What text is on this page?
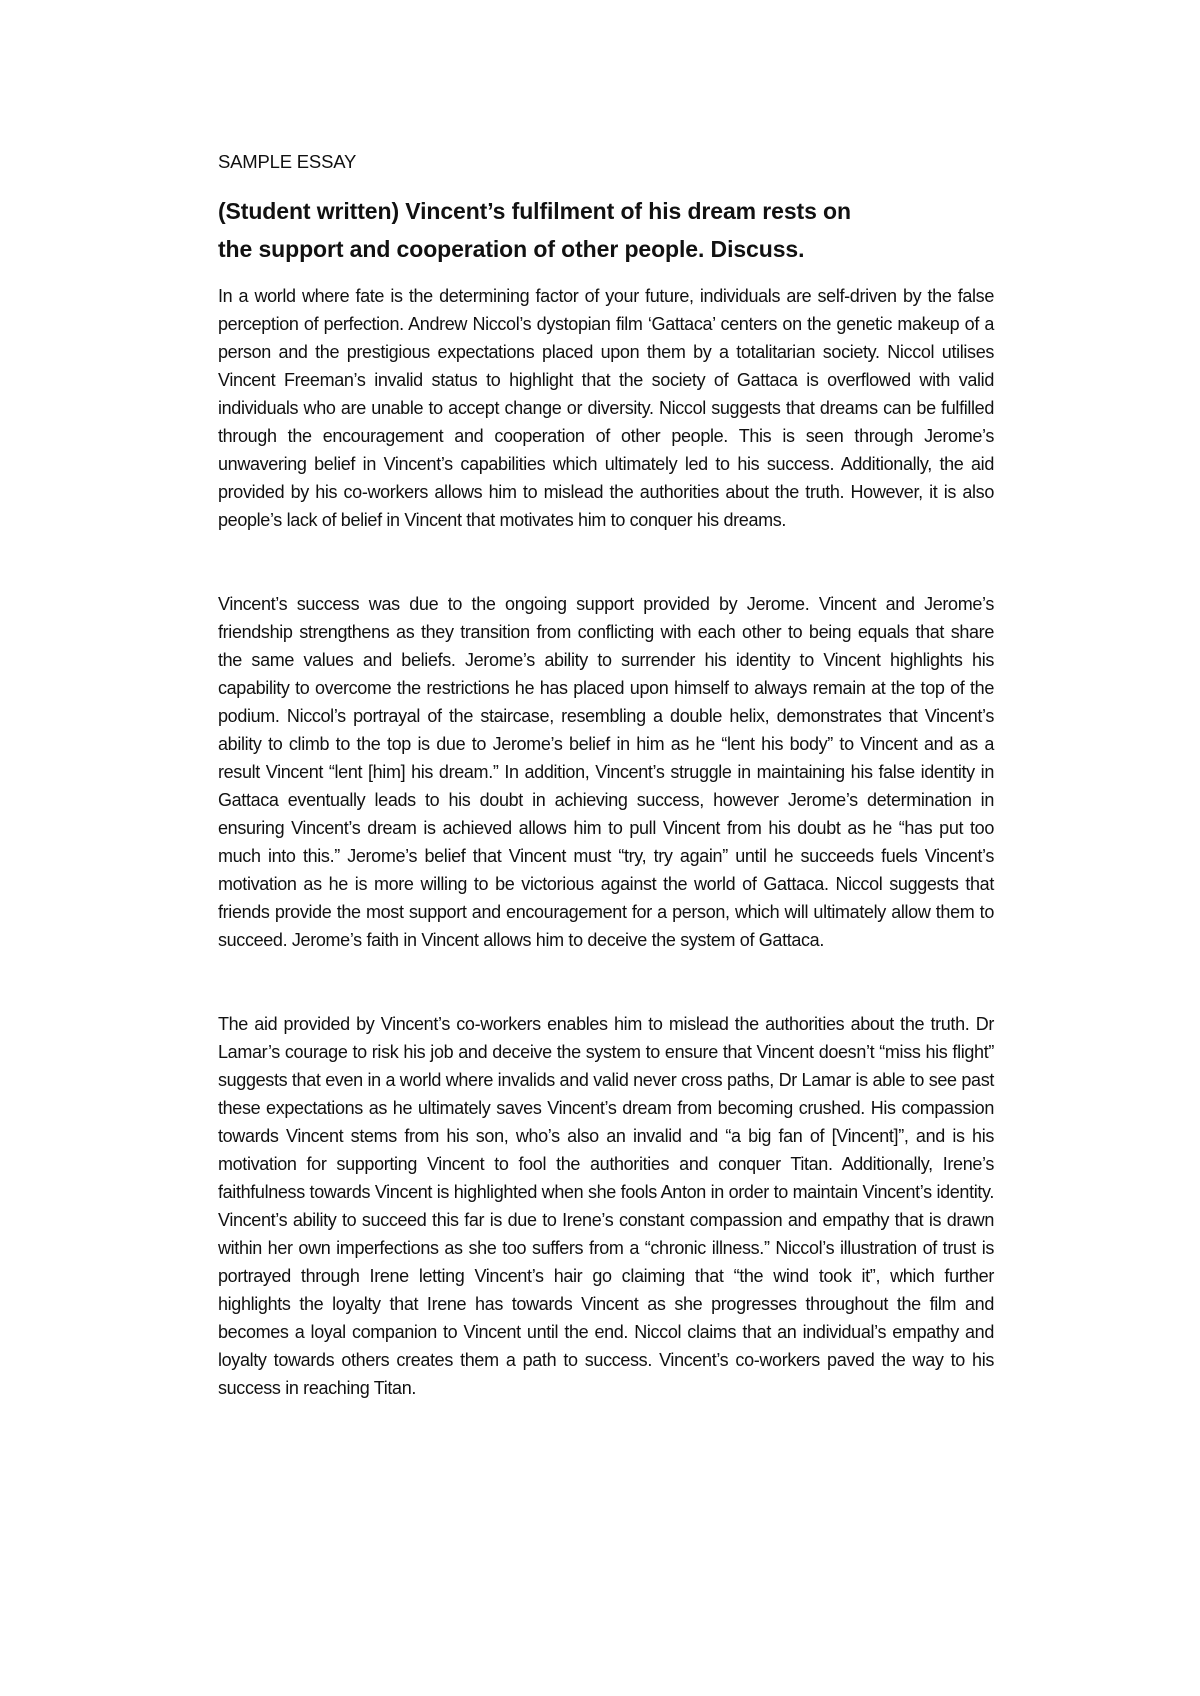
SAMPLE ESSAY
(Student written) Vincent’s fulfilment of his dream rests on
the support and cooperation of other people. Discuss.

In a world where fate is the determining factor of your future, individuals are self-driven by the false perception of perfection. Andrew Niccol’s dystopian film ‘Gattaca’ centers on the genetic makeup of a person and the prestigious expectations placed upon them by a totalitarian society. Niccol utilises Vincent Freeman’s invalid status to highlight that the society of Gattaca is overflowed with valid individuals who are unable to accept change or diversity. Niccol suggests that dreams can be fulfilled through the encouragement and cooperation of other people. This is seen through Jerome’s unwavering belief in Vincent’s capabilities which ultimately led to his success. Additionally, the aid provided by his co-workers allows him to mislead the authorities about the truth. However, it is also people’s lack of belief in Vincent that motivates him to conquer his dreams.

Vincent’s success was due to the ongoing support provided by Jerome. Vincent and Jerome’s friendship strengthens as they transition from conflicting with each other to being equals that share the same values and beliefs. Jerome’s ability to surrender his identity to Vincent highlights his capability to overcome the restrictions he has placed upon himself to always remain at the top of the podium. Niccol’s portrayal of the staircase, resembling a double helix, demonstrates that Vincent’s ability to climb to the top is due to Jerome’s belief in him as he “lent his body” to Vincent and as a result Vincent “lent [him] his dream.” In addition, Vincent’s struggle in maintaining his false identity in Gattaca eventually leads to his doubt in achieving success, however Jerome’s determination in ensuring Vincent’s dream is achieved allows him to pull Vincent from his doubt as he “has put too much into this.” Jerome’s belief that Vincent must “try, try again” until he succeeds fuels Vincent’s motivation as he is more willing to be victorious against the world of Gattaca. Niccol suggests that friends provide the most support and encouragement for a person, which will ultimately allow them to succeed. Jerome’s faith in Vincent allows him to deceive the system of Gattaca.

The aid provided by Vincent’s co-workers enables him to mislead the authorities about the truth. Dr Lamar’s courage to risk his job and deceive the system to ensure that Vincent doesn’t “miss his flight” suggests that even in a world where invalids and valid never cross paths, Dr Lamar is able to see past these expectations as he ultimately saves Vincent’s dream from becoming crushed. His compassion towards Vincent stems from his son, who’s also an invalid and “a big fan of [Vincent]”, and is his motivation for supporting Vincent to fool the authorities and conquer Titan. Additionally, Irene’s faithfulness towards Vincent is highlighted when she fools Anton in order to maintain Vincent’s identity. Vincent’s ability to succeed this far is due to Irene’s constant compassion and empathy that is drawn within her own imperfections as she too suffers from a “chronic illness.” Niccol’s illustration of trust is portrayed through Irene letting Vincent’s hair go claiming that “the wind took it”, which further highlights the loyalty that Irene has towards Vincent as she progresses throughout the film and becomes a loyal companion to Vincent until the end. Niccol claims that an individual’s empathy and loyalty towards others creates them a path to success. Vincent’s co-workers paved the way to his success in reaching Titan.
